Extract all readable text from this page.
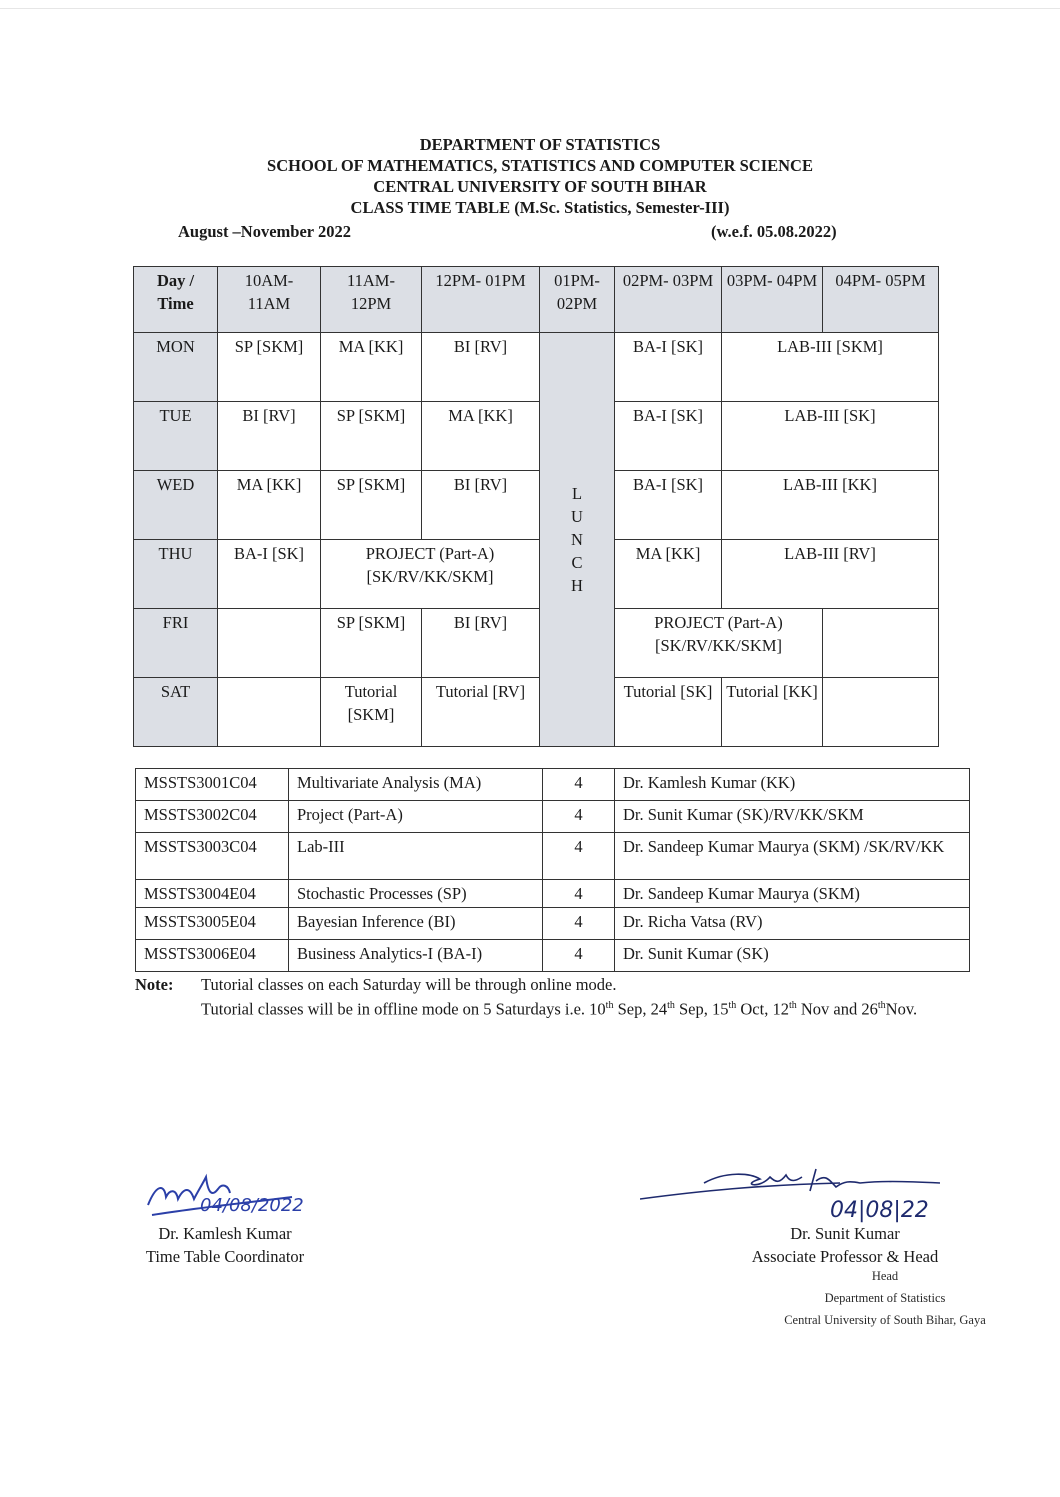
DEPARTMENT OF STATISTICS
SCHOOL OF MATHEMATICS, STATISTICS AND COMPUTER SCIENCE
CENTRAL UNIVERSITY OF SOUTH BIHAR
CLASS TIME TABLE (M.Sc. Statistics, Semester-III)
August –November 2022	(w.e.f. 05.08.2022)
Day / Time	10AM- 11AM	11AM- 12PM	12PM- 01PM	01PM- 02PM	02PM- 03PM	03PM- 04PM	04PM- 05PM
MON	SP [SKM]	MA [KK]	BI [RV]	LUNCH	BA-I [SK]	LAB-III [SKM]	
TUE	BI [RV]	SP [SKM]	MA [KK]		BA-I [SK]	LAB-III [SK]	
WED	MA [KK]	SP [SKM]	BI [RV]		BA-I [SK]	LAB-III [KK]	
THU	BA-I [SK]	PROJECT (Part-A) [SK/RV/KK/SKM]			MA [KK]	LAB-III [RV]	
FRI		SP [SKM]	BI [RV]		PROJECT (Part-A) [SK/RV/KK/SKM]		
SAT		Tutorial [SKM]	Tutorial [RV]		Tutorial [SK]	Tutorial [KK]	
MSSTS3001C04	Multivariate Analysis (MA)	4	Dr. Kamlesh Kumar (KK)
MSSTS3002C04	Project (Part-A)	4	Dr. Sunit Kumar (SK)/RV/KK/SKM
MSSTS3003C04	Lab-III	4	Dr. Sandeep Kumar Maurya (SKM) /SK/RV/KK
MSSTS3004E04	Stochastic Processes (SP)	4	Dr. Sandeep Kumar Maurya (SKM)
MSSTS3005E04	Bayesian Inference (BI)	4	Dr. Richa Vatsa (RV)
MSSTS3006E04	Business Analytics-I (BA-I)	4	Dr. Sunit Kumar (SK)
Note: Tutorial classes on each Saturday will be through online mode.
Tutorial classes will be in offline mode on 5 Saturdays i.e. 10th Sep, 24th Sep, 15th Oct, 12th Nov and 26thNov.
04/08/2022	04|08|22
Dr. Kamlesh Kumar
Time Table Coordinator
Dr. Sunit Kumar
Associate Professor & Head
Head
Department of Statistics
Central University of South Bihar, Gaya
